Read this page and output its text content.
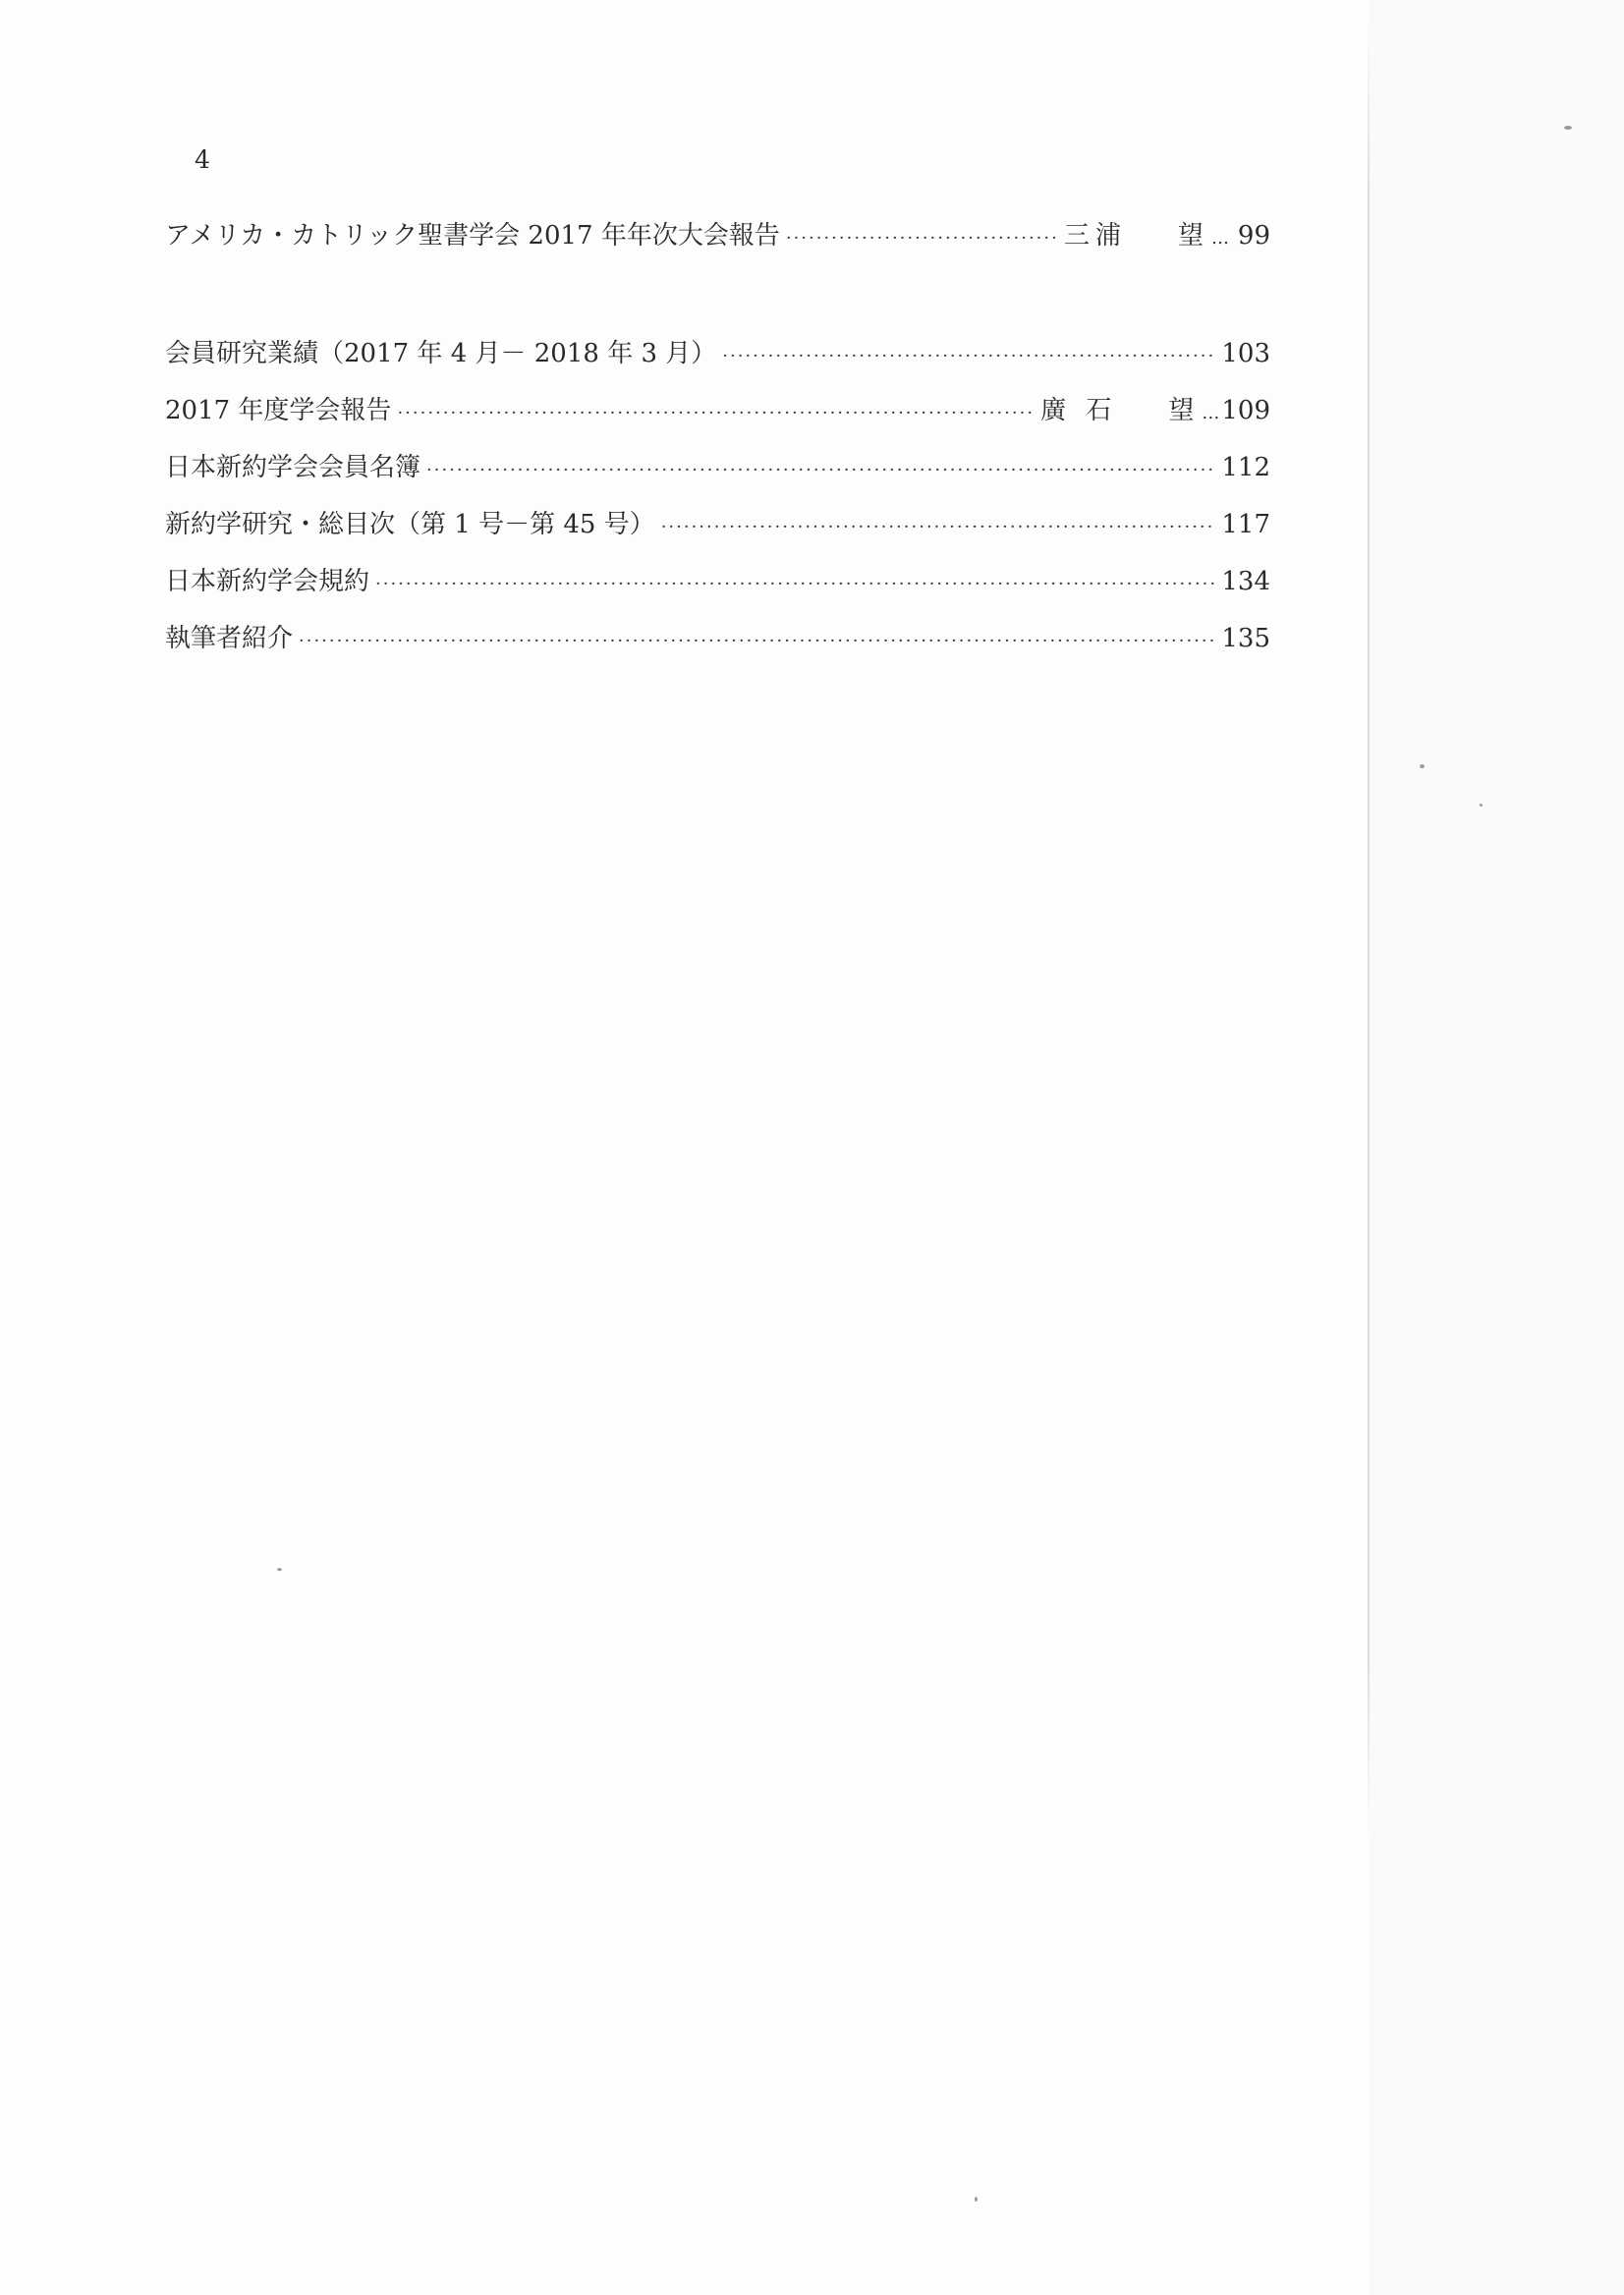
4
アメリカ・カトリック聖書学会 2017 年年次大会報告 ·····	三浦 望 … 99
会員研究業績（2017 年 4 月－ 2018 年 3 月） ·····	103
2017 年度学会報告 ·····	廣 石 望 … 109
日本新約学会会員名簿 ·····	112
新約学研究・総目次（第 1 号－第 45 号） ·····	117
日本新約学会規約 ·····	134
執筆者紹介 ·····	135
